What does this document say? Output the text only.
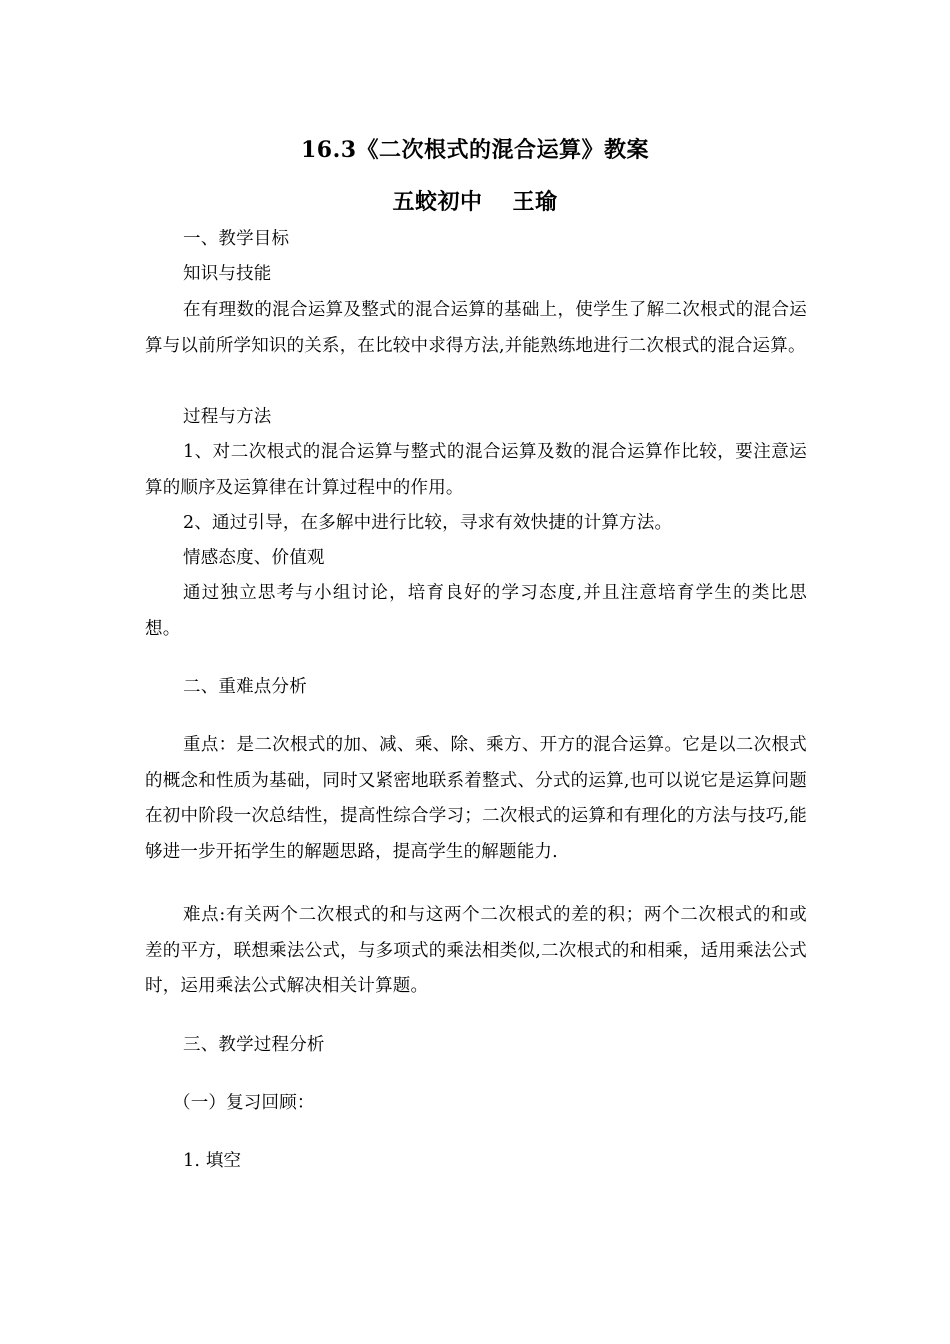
16.3《二次根式的混合运算》教案
五蛟初中 王瑜
一、教学目标
知识与技能
在有理数的混合运算及整式的混合运算的基础上，使学生了解二次根式的混合运算与以前所学知识的关系，在比较中求得方法,并能熟练地进行二次根式的混合运算。
过程与方法
1、对二次根式的混合运算与整式的混合运算及数的混合运算作比较，要注意运算的顺序及运算律在计算过程中的作用。
2、通过引导，在多解中进行比较，寻求有效快捷的计算方法。
情感态度、价值观
通过独立思考与小组讨论，培育良好的学习态度,并且注意培育学生的类比思想。
二、重难点分析
重点：是二次根式的加、减、乘、除、乘方、开方的混合运算。它是以二次根式的概念和性质为基础，同时又紧密地联系着整式、分式的运算,也可以说它是运算问题在初中阶段一次总结性，提高性综合学习；二次根式的运算和有理化的方法与技巧,能够进一步开拓学生的解题思路，提高学生的解题能力.
难点:有关两个二次根式的和与这两个二次根式的差的积；两个二次根式的和或差的平方，联想乘法公式，与多项式的乘法相类似,二次根式的和相乘，适用乘法公式时，运用乘法公式解决相关计算题。
三、教学过程分析
（一）复习回顾：
1. 填空
